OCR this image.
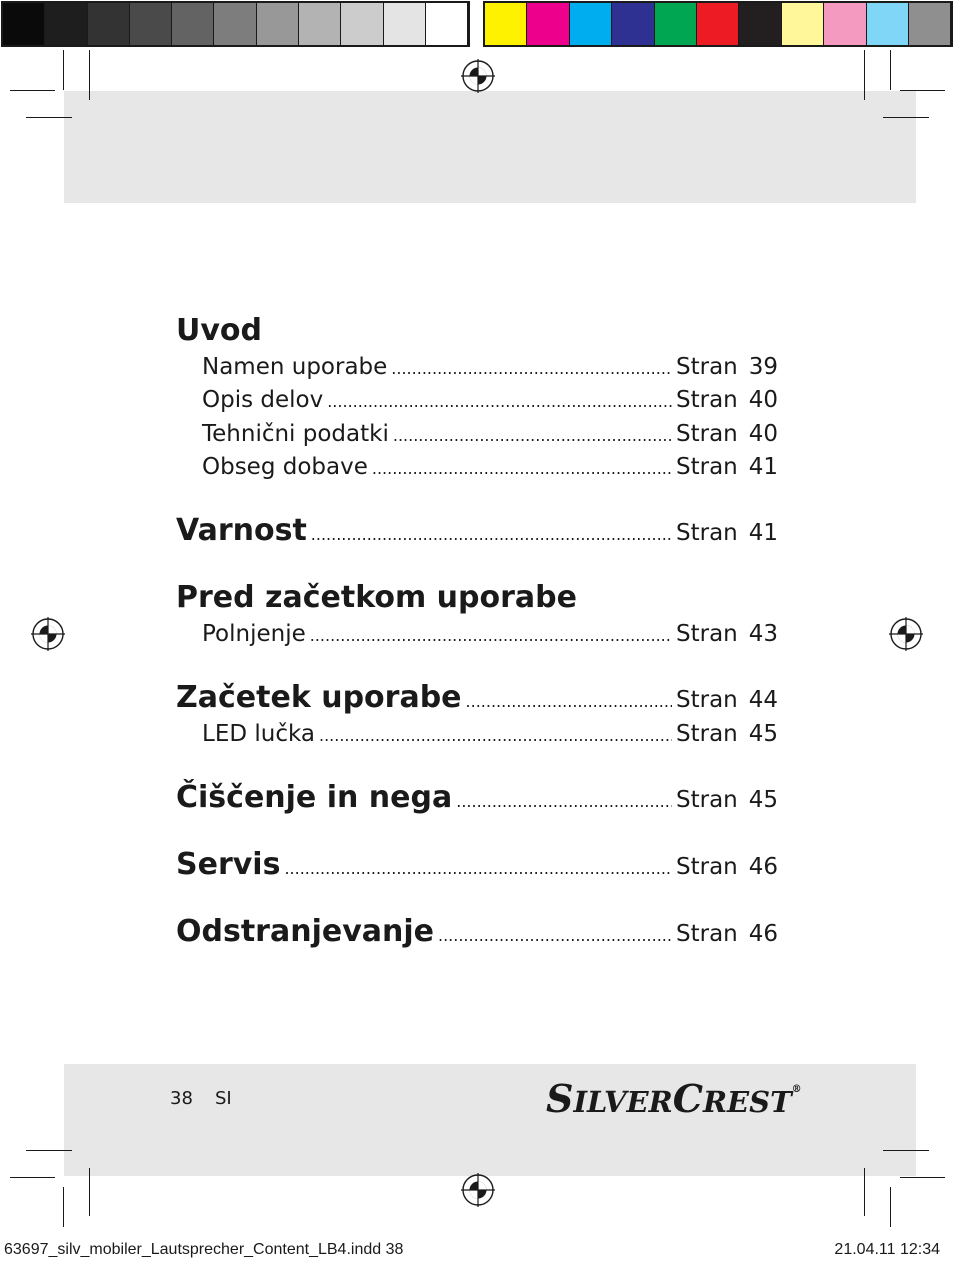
Uvod
Namen uporabe .....	Stran 39
Opis delov .....	Stran 40
Tehnični podatki .....	Stran 40
Obseg dobave .....	Stran 41
Varnost .....	Stran 41
Pred začetkom uporabe
Polnjenje .....	Stran 43
Začetek uporabe .....	Stran 44
LED lučka .....	Stran 45
Čiščenje in nega .....	Stran 45
Servis .....	Stran 46
Odstranjevanje .....	Stran 46
38 SI	SILVERCREST®
63697_silv_mobiler_Lautsprecher_Content_LB4.indd 38	21.04.11 12:34
